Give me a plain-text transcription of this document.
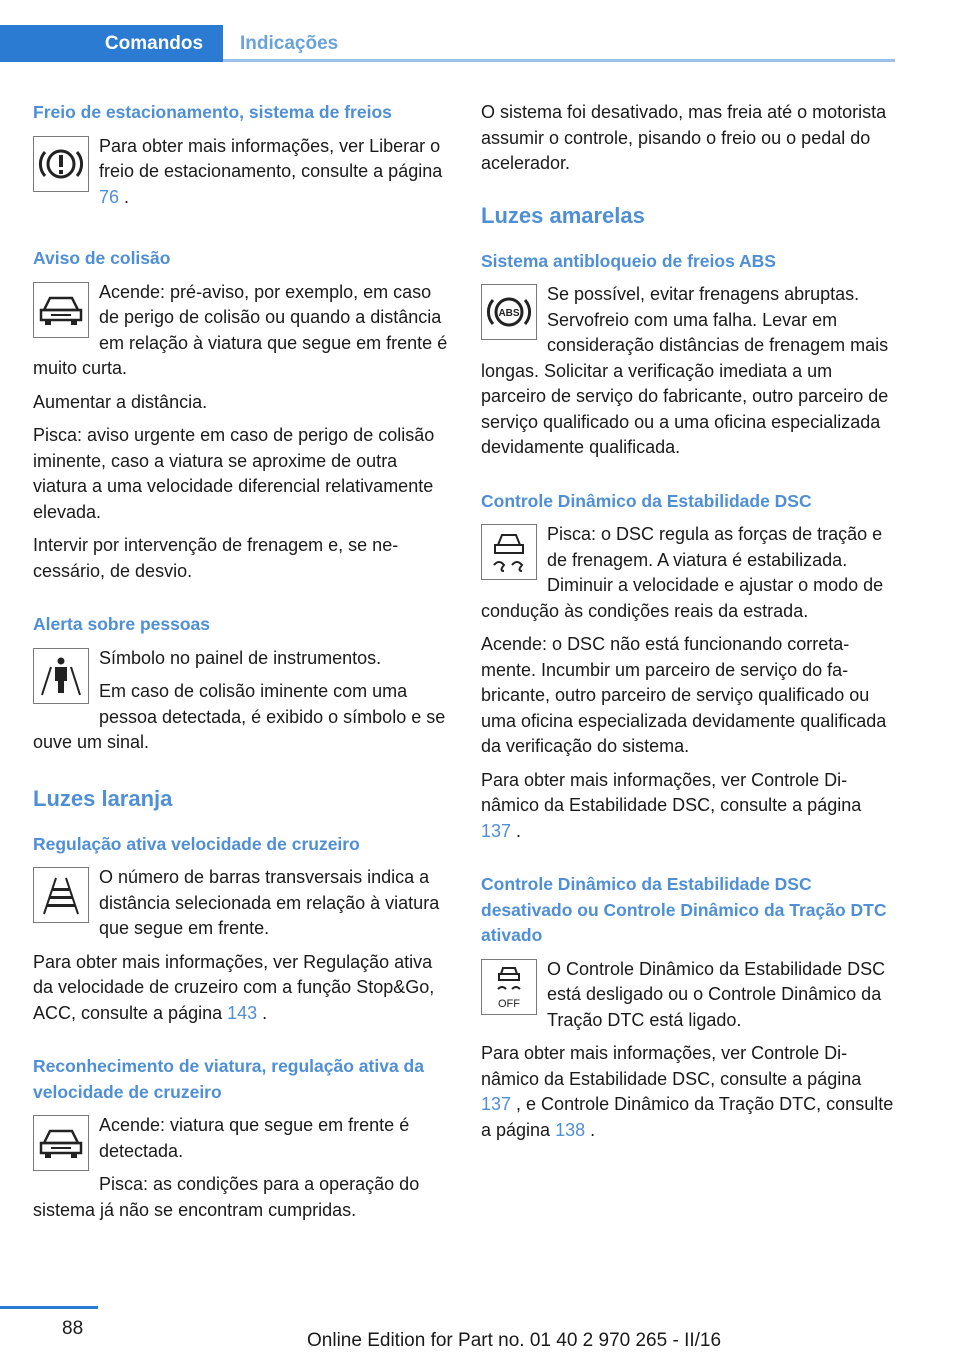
Comandos	Indicações
Freio de estacionamento, sistema de freios

Para obter mais informações, ver Liberar o freio de estacionamento, consulte a página 76 .

Aviso de colisão

Acende: pré-aviso, por exemplo, em caso de perigo de colisão ou quando a distância em relação à viatura que segue em frente é muito curta.

Aumentar a distância.

Pisca: aviso urgente em caso de perigo de colisão iminente, caso a viatura se aproxime de outra viatura a uma velocidade diferencial relativamente elevada.

Intervir por intervenção de frenagem e, se necessário, de desvio.

Alerta sobre pessoas

Símbolo no painel de instrumentos.

Em caso de colisão iminente com uma pessoa detectada, é exibido o símbolo e se ouve um sinal.

Luzes laranja
Regulação ativa velocidade de cruzeiro

O número de barras transversais indica a distância selecionada em relação à viatura que segue em frente.

Para obter mais informações, ver Regulação ativa da velocidade de cruzeiro com a função Stop&Go, ACC, consulte a página 143 .

Reconhecimento de viatura, regulação ativa da velocidade de cruzeiro

Acende: viatura que segue em frente é detectada.

Pisca: as condições para a operação do sistema já não se encontram cumpridas.

O sistema foi desativado, mas freia até o motorista assumir o controle, pisando o freio ou o pedal do acelerador.

Luzes amarelas
Sistema antibloqueio de freios ABS
ABS

Se possível, evitar frenagens abruptas. Servofreio com uma falha. Levar em consideração distâncias de frenagem mais longas. Solicitar a verificação imediata a um parceiro de serviço do fabricante, outro parceiro de serviço qualificado ou a uma oficina especializada devidamente qualificada.

Controle Dinâmico da Estabilidade DSC

Pisca: o DSC regula as forças de tração e de frenagem. A viatura é estabilizada. Diminuir a velocidade e ajustar o modo de condução às condições reais da estrada.

Acende: o DSC não está funcionando corretamente. Incumbir um parceiro de serviço do fabricante, outro parceiro de serviço qualificado ou uma oficina especializada devidamente qualificada da verificação do sistema.

Para obter mais informações, ver Controle Dinâmico da Estabilidade DSC, consulte a página 137 .

Controle Dinâmico da Estabilidade DSC desativado ou Controle Dinâmico da Tração DTC ativado
OFF

O Controle Dinâmico da Estabilidade DSC está desligado ou o Controle Dinâmico da Tração DTC está ligado.

Para obter mais informações, ver Controle Dinâmico da Estabilidade DSC, consulte a página 137 , e Controle Dinâmico da Tração DTC, consulte a página 138 .

88
Online Edition for Part no. 01 40 2 970 265 - II/16
